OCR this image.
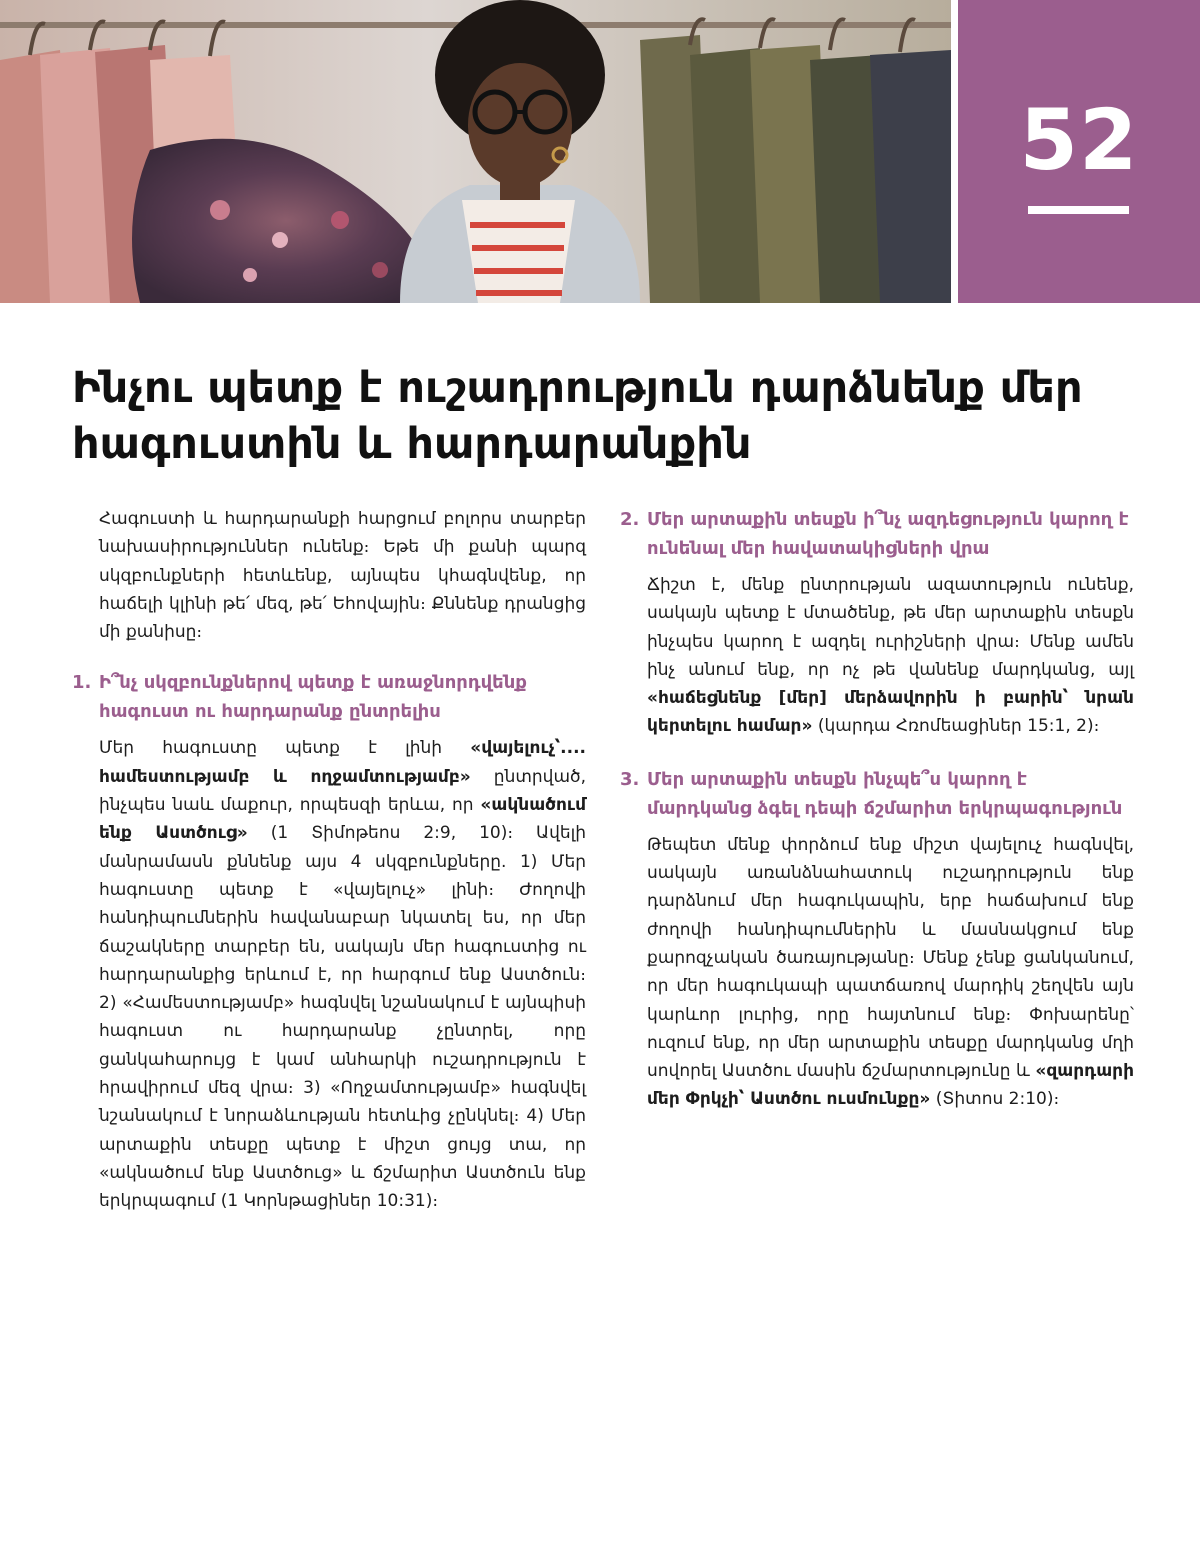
52
Ինչու պետք է ուշադրություն դարձնենք մեր հագուստին և հարդարանքին

Հագուստի և հարդարանքի հարցում բոլորս տարբեր նախասիրություններ ունենք։ Եթե մի քանի պարզ սկզբունքների հետևենք, այնպես կհագնվենք, որ հաճելի կլինի թե՛ մեզ, թե՛ Եհովային։ Քննենք դրանցից մի քանիսը։

1. Ի՞նչ սկզբունքներով պետք է առաջնորդվենք հագուստ ու հարդարանք ընտրելիս

Մեր հագուստը պետք է լինի «վայելուչ՝.... համեստությամբ և ողջամտությամբ» ընտրված, ինչպես նաև մաքուր, որպեսզի երևա, որ «ակնածում ենք Աստծուց» (1 Տիմոթեոս 2:9, 10)։ Ավելի մանրամասն քննենք այս 4 սկզբունքները. 1) Մեր հագուստը պետք է «վայելուչ» լինի։ Ժողովի հանդիպումներին հավանաբար նկատել ես, որ մեր ճաշակները տարբեր են, սակայն մեր հագուստից ու հարդարանքից երևում է, որ հարգում ենք Աստծուն։ 2) «Համեստությամբ» հագնվել նշանակում է այնպիսի հագուստ ու հարդարանք չընտրել, որը ցանկահարույց է կամ անհարկի ուշադրություն է հրավիրում մեզ վրա։ 3) «Ողջամտությամբ» հագնվել նշանակում է նորաձևության հետևից չընկնել։ 4) Մեր արտաքին տեսքը պետք է միշտ ցույց տա, որ «ակնածում ենք Աստծուց» և ճշմարիտ Աստծուն ենք երկրպագում (1 Կորնթացիներ 10:31)։

2. Մեր արտաքին տեսքն ի՞նչ ազդեցություն կարող է ունենալ մեր հավատակիցների վրա

Ճիշտ է, մենք ընտրության ազատություն ունենք, սակայն պետք է մտածենք, թե մեր արտաքին տեսքն ինչպես կարող է ազդել ուրիշների վրա։ Մենք ամեն ինչ անում ենք, որ ոչ թե վանենք մարդկանց, այլ «հաճեցնենք [մեր] մերձավորին ի բարին՝ նրան կերտելու համար» (կարդա Հռոմեացիներ 15:1, 2)։

3. Մեր արտաքին տեսքն ինչպե՞ս կարող է մարդկանց ձգել դեպի ճշմարիտ երկրպագություն

Թեպետ մենք փորձում ենք միշտ վայելուչ հագնվել, սակայն առանձնահատուկ ուշադրություն ենք դարձնում մեր հագուկապին, երբ հաճախում ենք ժողովի հանդիպումներին և մասնակցում ենք քարոզչական ծառայությանը։ Մենք չենք ցանկանում, որ մեր հագուկապի պատճառով մարդիկ շեղվեն այն կարևոր լուրից, որը հայտնում ենք։ Փոխարենը՝ ուզում ենք, որ մեր արտաքին տեսքը մարդկանց մղի սովորել Աստծու մասին ճշմարտությունը և «զարդարի մեր Փրկչի՝ Աստծու ուսմունքը» (Տիտոս 2:10)։
